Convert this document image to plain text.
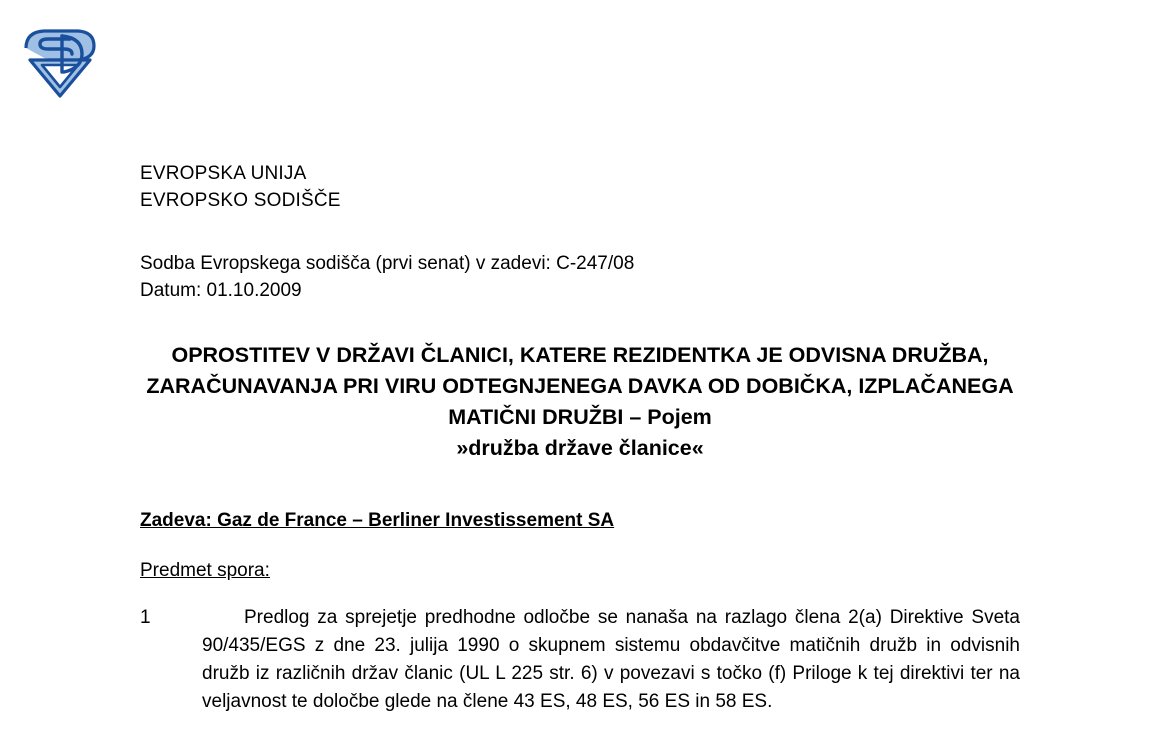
EVROPSKA UNIJA
EVROPSKO SODIŠČE
Sodba Evropskega sodišča (prvi senat) v zadevi: C-247/08
Datum: 01.10.2009
OPROSTITEV V DRŽAVI ČLANICI, KATERE REZIDENTKA JE ODVISNA DRUŽBA, ZARAČUNAVANJA PRI VIRU ODTEGNJENEGA DAVKA OD DOBIČKA, IZPLAČANEGA MATIČNI DRUŽBI – Pojem
»družba države članice«
Zadeva: Gaz de France – Berliner Investissement SA
Predmet spora:
1	Predlog za sprejetje predhodne odločbe se nanaša na razlago člena 2(a) Direktive Sveta 90/435/EGS z dne 23. julija 1990 o skupnem sistemu obdavčitve matičnih družb in odvisnih družb iz različnih držav članic (UL L 225 str. 6) v povezavi s točko (f) Priloge k tej direktivi ter na veljavnost te določbe glede na člene 43 ES, 48 ES, 56 ES in 58 ES.
